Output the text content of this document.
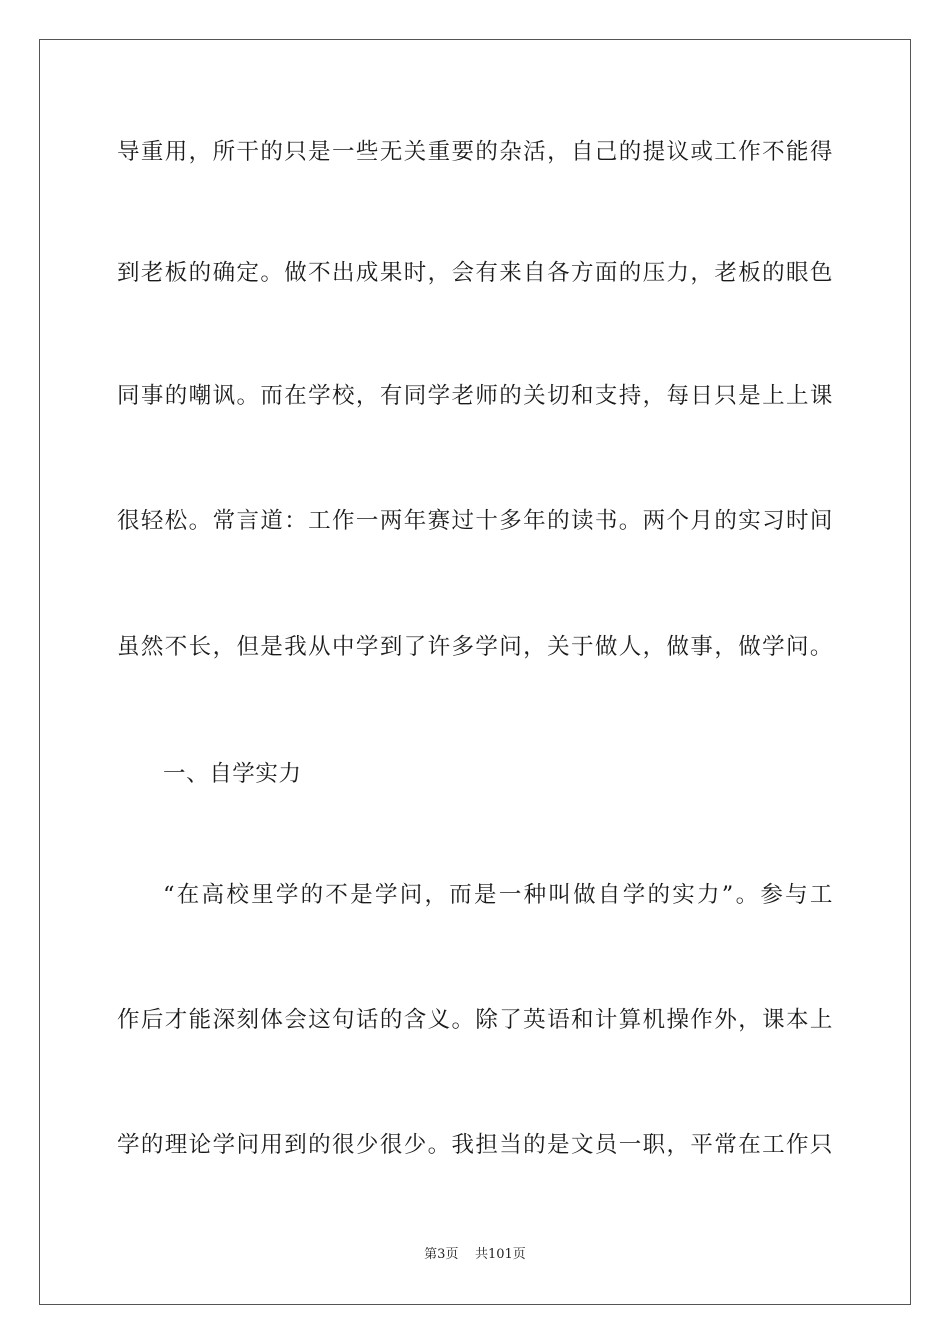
导重用，所干的只是一些无关重要的杂活，自己的提议或工作不能得
到老板的确定。做不出成果时，会有来自各方面的压力，老板的眼色
同事的嘲讽。而在学校，有同学老师的关切和支持，每日只是上上课
很轻松。常言道：工作一两年赛过十多年的读书。两个月的实习时间
虽然不长，但是我从中学到了许多学问，关于做人，做事，做学问。
一、自学实力
“在高校里学的不是学问，而是一种叫做自学的实力”。参与工
作后才能深刻体会这句话的含义。除了英语和计算机操作外，课本上
学的理论学问用到的很少很少。我担当的是文员一职，平常在工作只
第3页 共101页
